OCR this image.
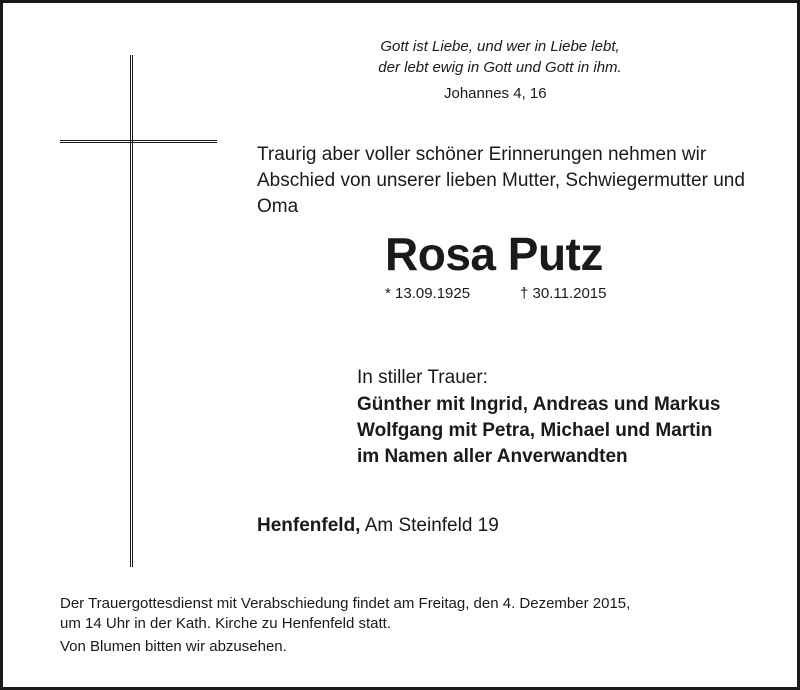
Gott ist Liebe, und wer in Liebe lebt,
der lebt ewig in Gott und Gott in ihm.
Johannes 4, 16
Traurig aber voller schöner Erinnerungen nehmen wir Abschied von unserer lieben Mutter, Schwiegermutter und Oma
Rosa Putz
* 13.09.1925	† 30.11.2015
In stiller Trauer:
Günther mit Ingrid, Andreas und Markus
Wolfgang mit Petra, Michael und Martin
im Namen aller Anverwandten
Henfenfeld, Am Steinfeld 19
Der Trauergottesdienst mit Verabschiedung findet am Freitag, den 4. Dezember 2015,
um 14 Uhr in der Kath. Kirche zu Henfenfeld statt.
Von Blumen bitten wir abzusehen.
